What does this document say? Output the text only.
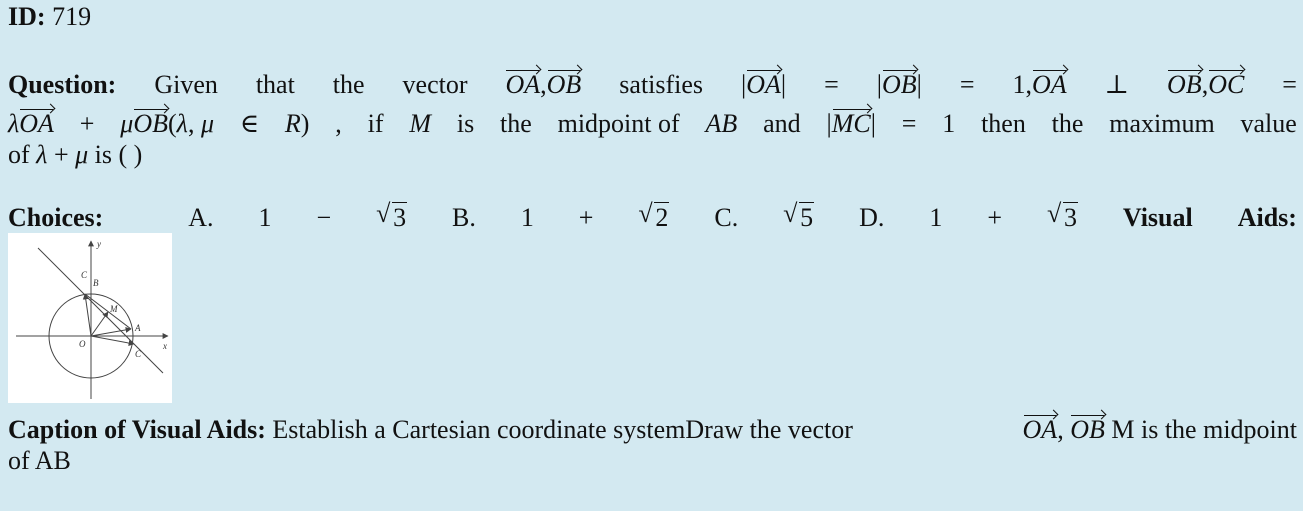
ID: 719
Question: Given that the vector OA,OB satisfies |OA| = |OB| = 1,OA ⊥ OB,OC =
λOA + μOB(λ, μ ∈ R) , if M is the midpoint of AB and |MC| = 1 then the maximum value
of λ + μ is ( )
Choices:	A. 1 − √ 3 B. 1 + √ 2 C. √ 5 D. 1 + √ 3 Visual Aids:
y
x
O
C
B
M
A
C
Caption of Visual Aids: Establish a Cartesian coordinate systemDraw the vector	OA, OB M is the midpoint
of AB
